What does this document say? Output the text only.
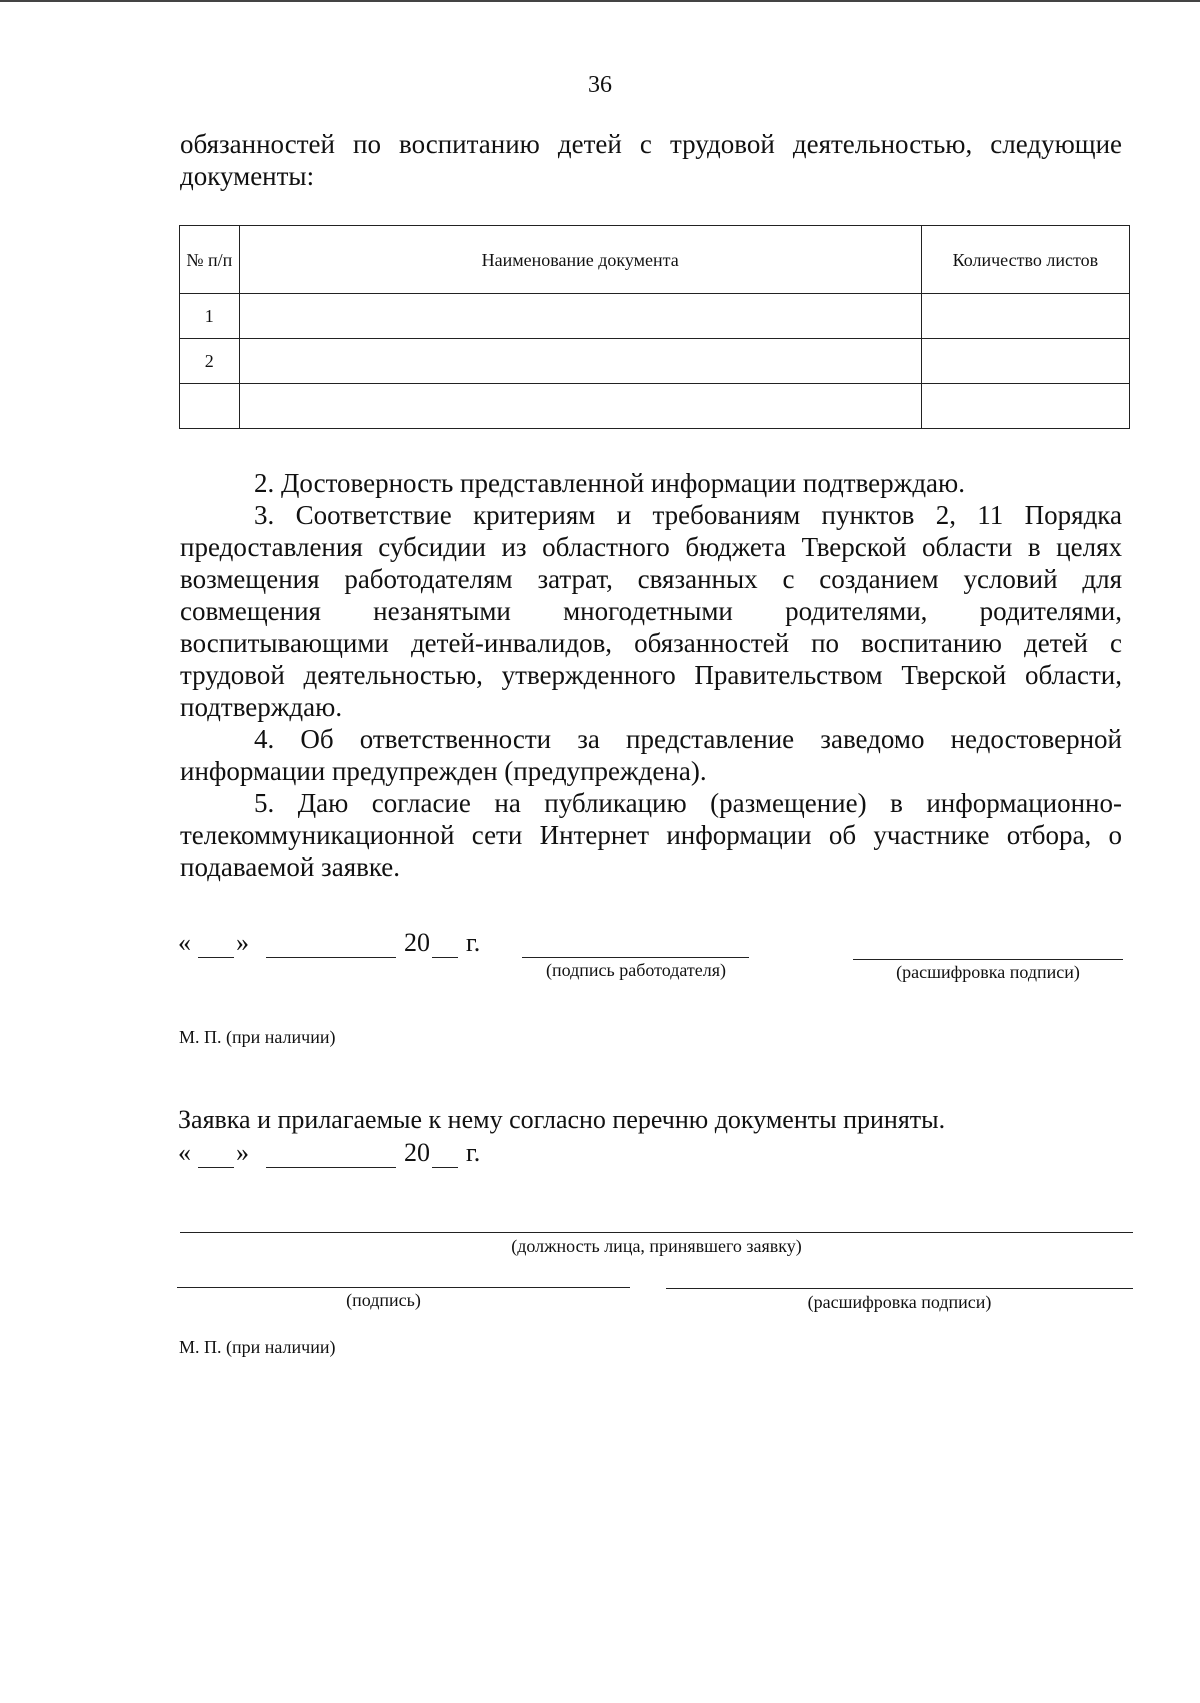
36
обязанностей по воспитанию детей с трудовой деятельностью, следующие
документы:
№ п/п	Наименование документа	Количество листов
1		
2		

2. Достоверность представленной информации подтверждаю.
3. Соответствие критериям и требованиям пунктов 2, 11 Порядка
предоставления субсидии из областного бюджета Тверской области в целях
возмещения работодателям затрат, связанных с созданием условий для
совмещения незанятыми многодетными родителями, родителями,
воспитывающими детей-инвалидов, обязанностей по воспитанию детей с
трудовой деятельностью, утвержденного Правительством Тверской области,
подтверждаю.
4. Об ответственности за представление заведомо недостоверной
информации предупрежден (предупреждена).
5. Даю согласие на публикацию (размещение) в информационно-
телекоммуникационной сети Интернет информации об участнике отбора, о
подаваемой заявке.
« »	20 г.
(подпись работодателя)	(расшифровка подписи)
М. П. (при наличии)
Заявка и прилагаемые к нему согласно перечню документы приняты.
« »	20 г.
(должность лица, принявшего заявку)
(подпись)	(расшифровка подписи)
М. П. (при наличии)
